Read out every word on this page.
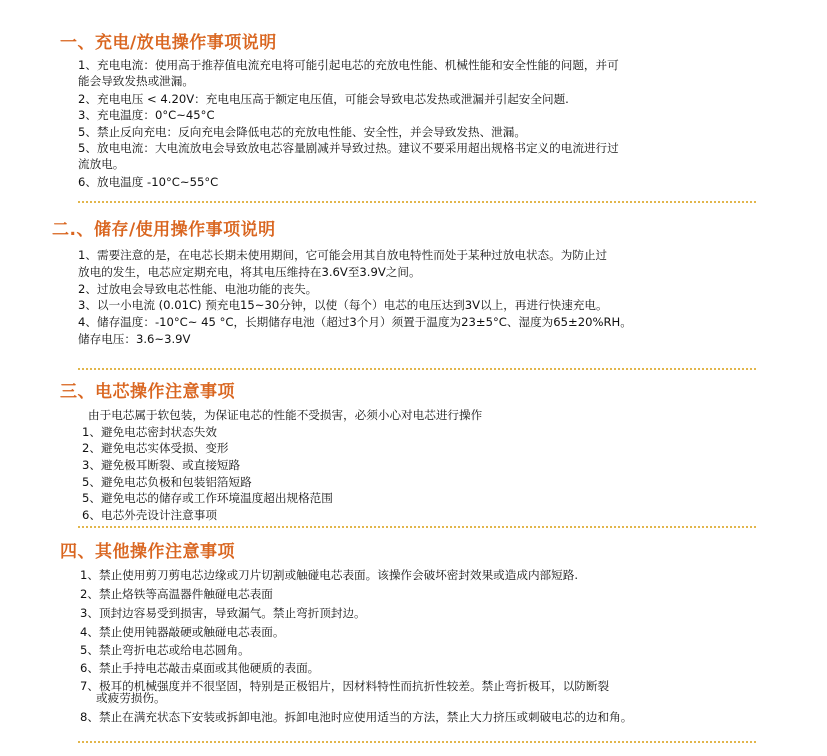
一、充电/放电操作事项说明
1、充电电流：使用高于推荐值电流充电将可能引起电芯的充放电性能、机械性能和安全性能的问题，并可
能会导致发热或泄漏。
2、充电电压 < 4.20V：充电电压高于额定电压值，可能会导致电芯发热或泄漏并引起安全问题.
3、充电温度：0°C~45°C
5、禁止反向充电：反向充电会降低电芯的充放电性能、安全性，并会导致发热、泄漏。
5、放电电流：大电流放电会导致放电芯容量剧减并导致过热。建议不要采用超出规格书定义的电流进行过
流放电。
6、放电温度 -10°C~55°C
二.、储存/使用操作事项说明
1、需要注意的是，在电芯长期未使用期间，它可能会用其自放电特性而处于某种过放电状态。为防止过
放电的发生，电芯应定期充电，将其电压维持在3.6V至3.9V之间。
2、过放电会导致电芯性能、电池功能的丧失。
3、以一小电流 (0.01C) 预充电15~30分钟，以使（每个）电芯的电压达到3V以上，再进行快速充电。
4、储存温度：-10°C~ 45 °C，长期储存电池（超过3个月）须置于温度为23±5°C、湿度为65±20%RH。
储存电压：3.6~3.9V
三、电芯操作注意事项
由于电芯属于软包装，为保证电芯的性能不受损害，必须小心对电芯进行操作
1、避免电芯密封状态失效
2、避免电芯实体受损、变形
3、避免极耳断裂、或直接短路
5、避免电芯负极和包装铝箔短路
5、避免电芯的储存或工作环境温度超出规格范围
6、电芯外壳设计注意事项
四、其他操作注意事项
1、禁止使用剪刀剪电芯边缘或刀片切割或触碰电芯表面。该操作会破坏密封效果或造成内部短路.
2、禁止烙铁等高温器件触碰电芯表面
3、顶封边容易受到损害，导致漏气。禁止弯折顶封边。
4、禁止使用钝器敲硬或触碰电芯表面。
5、禁止弯折电芯或给电芯圆角。
6、禁止手持电芯敲击桌面或其他硬质的表面。
7、极耳的机械强度并不很坚固，特别是正极铝片，因材料特性而抗折性较差。禁止弯折极耳，以防断裂
或疲劳损伤。
8、禁止在满充状态下安装或拆卸电池。拆卸电池时应使用适当的方法，禁止大力挤压或刺破电芯的边和角。
